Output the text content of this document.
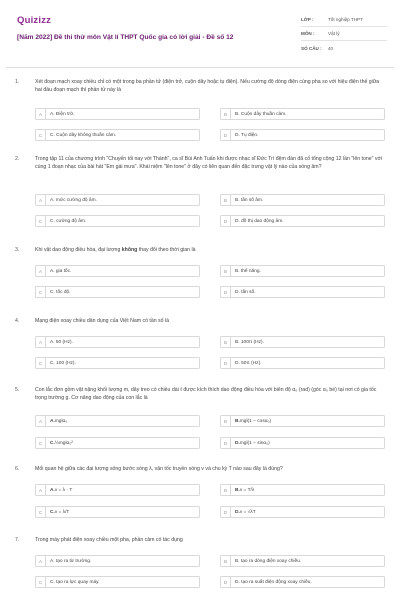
Quizizz
[Năm 2022] Đề thi thử môn Vật lí THPT Quốc gia có lời giải - Đề số 12
LỚP :	Tốt nghiệp THPT
MÔN :	Vật lý
SỐ CÂU :	40
1.	Xét đoạn mạch xoay chiều chỉ có một trong ba phần tử (điện trở, cuộn dây hoặc tụ điện). Nếu cường độ dòng điện cùng pha so với hiệu điện thế giữa hai đầu đoạn mạch thì phần tử này là
A	A. Điện trở.	B	B. Cuộn dây thuần cảm.
C	C. Cuộn dây không thuần cảm.	D	D. Tụ điện.
2.	Trong tập 11 của chương trình "Chuyến tối nay với Thành", ca sĩ Bùi Anh Tuấn khi được nhạc sĩ Đức Trí đệm đàn đã cố tổng cộng 12 lần "lên tone" với cùng 1 đoạn nhạc của bài hát "Em gái mưa". Khái niệm "lên tone" ở đây có liên quan đến đặc trưng vật lý nào của sóng âm?
A	A. mức cường độ âm.	B	B. tần số âm.
C	C. cường độ âm.	D	D. đồ thị dao động âm.
3.	Khi vật dao động điều hòa, đại lượng không thay đổi theo thời gian là
A	A. gia tốc.	B	B. thế năng.
C	C. tốc độ.	D	D. tần số.
4.	Mạng điện xoay chiều dân dụng của Việt Nam có tần số là
A	A. 50 (Hz).	B	B. 100π (Hz).
C	C. 100 (Hz).	D	D. 50π (Hz).
5.	Con lắc đơn gồm vật nặng khối lượng m, dây treo có chiều dài ℓ được kích thích dao động điều hòa với biên độ α₀ (rad) (góc α₀ bé) tại nơi có gia tốc trọng trường g. Cơ năng dao động của con lắc là
A	A.mglα₀	B	B.mgl(1 − cosα₀)
C	C.½mglα₀²	D	D.mgl(1 − sinα₀)
6.	Mối quan hệ giữa các đại lượng sóng bước sóng λ, vận tốc truyền sóng v và chu kỳ T nào sau đây là đúng?
A	A.v = λ · T	B	B.v = T/λ
C	C.v = λ/T	D	D.v = √λT
7.	Trong máy phát điện xoay chiều một pha, phần cảm có tác dụng
A	A. tạo ra từ trường.	B	B. tạo ra dòng điện xoay chiều.
C	C. tạo ra lực quay máy.	D	D. tạo ra suất điện động xoay chiều.
